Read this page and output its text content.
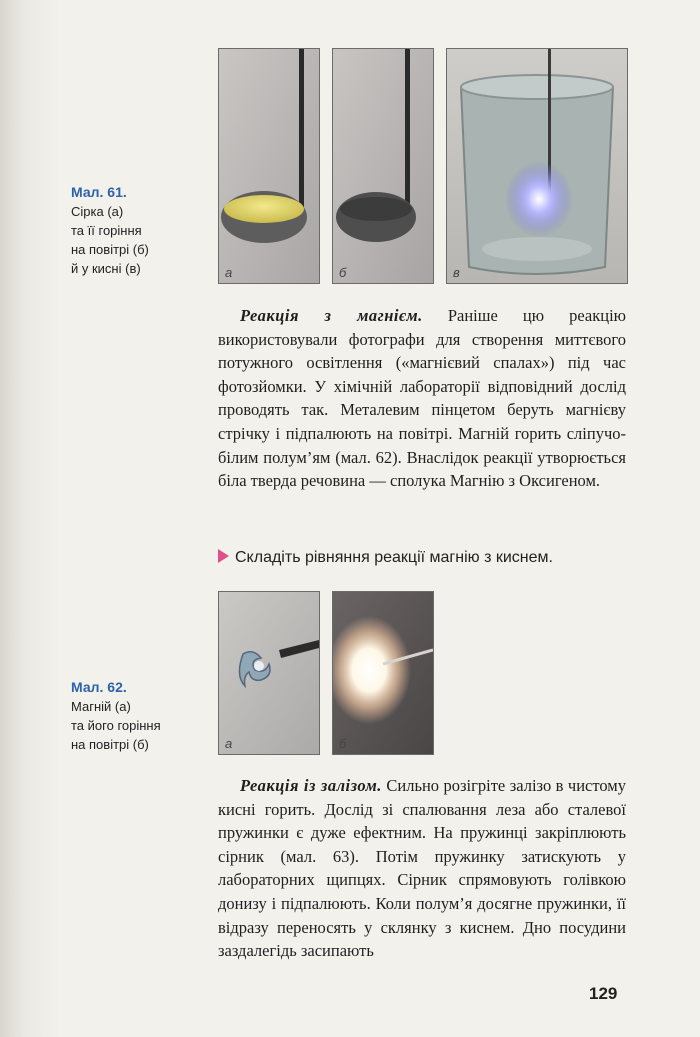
Мал. 61.
Сірка (а)
та її горіння
на повітрі (б)
й у кисні (в)	а	б	в

Реакція з магнієм. Раніше цю реакцію використовували фотографи для створення миттєвого потужного освітлення («магнієвий спалах») під час фотозйомки. У хімічній лабораторії відповідний дослід проводять так. Металевим пінцетом беруть магнієву стрічку і підпалюють на повітрі. Магній горить сліпучо-білим полум’ям (мал. 62). Внаслідок реакції утворюється біла тверда речовина — сполука Магнію з Оксигеном.

Складіть рівняння реакції магнію з киснем.
а	б
Мал. 62.
Магній (а)
та його горіння
на повітрі (б)

Реакція із залізом. Сильно розігріте залізо в чистому кисні горить. Дослід зі спалювання леза або сталевої пружинки є дуже ефектним. На пружинці закріплюють сірник (мал. 63). Потім пружинку затискують у лабораторних щипцях. Сірник спрямовують голівкою донизу і підпалюють. Коли полум’я досягне пружинки, її відразу переносять у склянку з киснем. Дно посудини заздалегідь засипають

129
